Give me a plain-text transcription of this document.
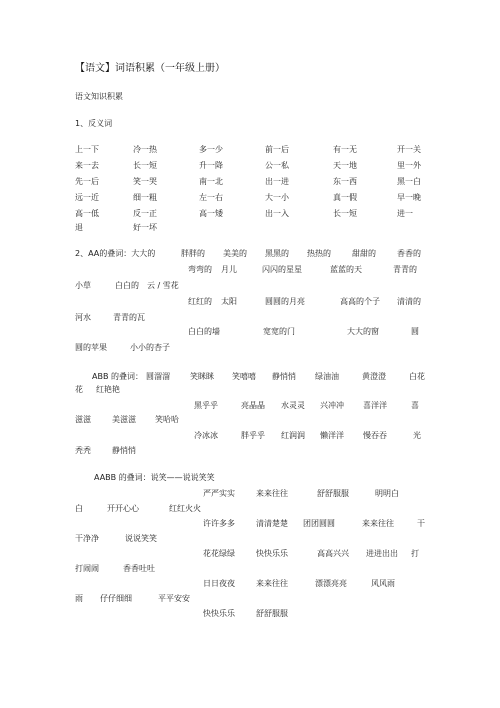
【语文】词语积累（一年级上册）
语文知识积累
1、反义词
上一下	冷一热	多一少	前一后	有一无	开一关
来一去	长一短	升一降	公一私	天一地	里一外
先一后	笑一哭	南一北	出一进	东一西	黑一白
远一近	细一粗	左一右	大一小	真一假	早一晚
高一低	反一正	高一矮	出一入	长一短	进一
退	好一坏
2、AA的叠词：大大的	胖胖的 美美的 黑黑的 热热的	甜甜的	香香的
弯弯的 月儿	闪闪的星星	蓝蓝的天	青青的
小草	白白的 云 / 雪花
红红的 太阳	圆圆的月亮	高高的个子 清清的
河水	青青的瓦
白白的墙	宽宽的门	大大的窗	圆
圆的苹果	小小的杏子
ABB 的叠词： 圆溜溜	笑眯眯 笑嘻嘻 静悄悄 绿油油	黄澄澄	白花
花 红艳艳
黑乎乎	亮晶晶 水灵灵 兴冲冲 喜洋洋	喜
滋滋	美滋滋 笑哈哈
冷冰冰	胖乎乎 红润润 懒洋洋 慢吞吞	光
秃秃	静悄悄
AABB 的叠词：说笑——说说笑笑
严严实实	来来往往	舒舒服服	明明白
白	开开心心	红红火火
许许多多	清清楚楚 团团圆圆	来来往往	干
干净净	说说笑笑
花花绿绿	快快乐乐	高高兴兴 进进出出 打
打闹闹	香香吐吐
日日夜夜	来来往往	漂漂亮亮	风风雨
雨 仔仔细细	平平安安
快快乐乐	舒舒服服
